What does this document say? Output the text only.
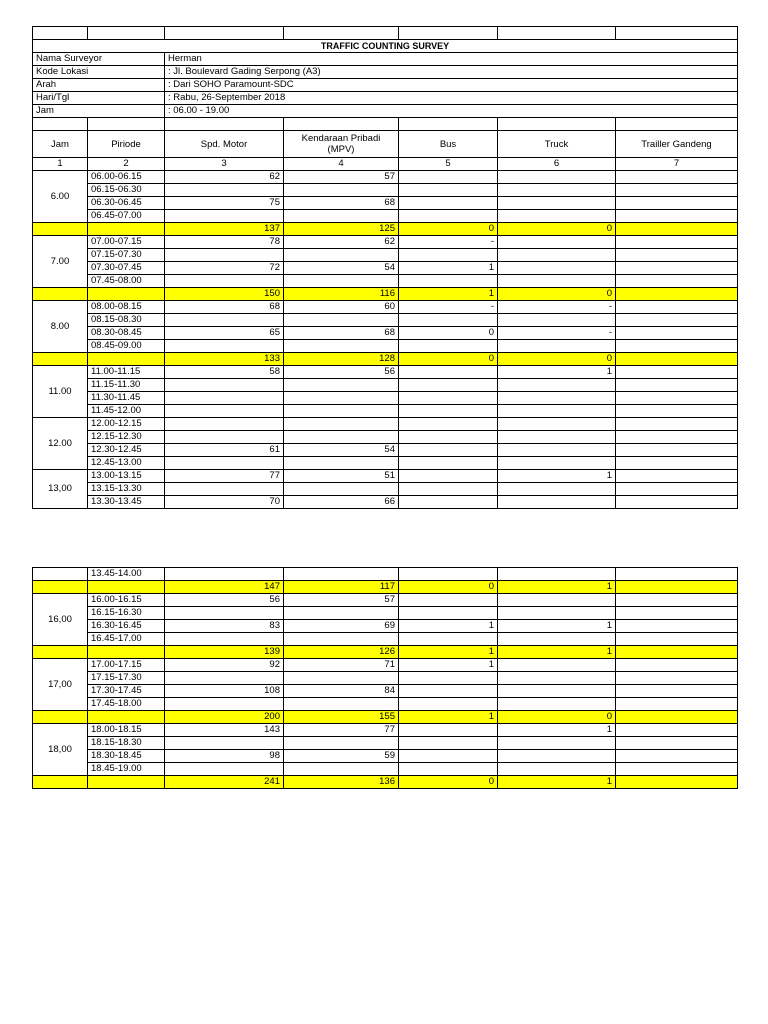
TRAFFIC COUNTING SURVEY						
Nama Surveyor		Herman				
Kode Lokasi		: Jl. Boulevard Gading Serpong (A3)				
Arah		: Dari SOHO Paramount-SDC				
Hari/Tgl		: Rabu, 26-September 2018				
Jam		: 06.00 - 19.00				

Jam	Piriode	Spd. Motor	Kendaraan Pribadi (MPV)	Bus	Truck	Trailler Gandeng
1	2	3	4	5	6	7
6.00	06.00-06.15	62	57			
	06.15-06.30					
	06.30-06.45	75	68			
	06.45-07.00					
		137	125	0	0	
7.00	07.00-07.15	78	62	-		
	07.15-07.30					
	07.30-07.45	72	54	1		
	07.45-08.00					
		150	116	1	0	
8.00	08.00-08.15	68	60	-	-	
	08.15-08.30					
	08.30-08.45	65	68	0	-	
	08.45-09.00					
		133	128	0	0	
11.00	11.00-11.15	58	56		1	
	11.15-11.30					
	11.30-11.45					
	11.45-12.00					
12.00	12.00-12.15					
	12.15-12.30					
	12.30-12.45	61	54			
	12.45-13.00					
13,00	13.00-13.15	77	51		1	
	13.15-13.30					
	13.30-13.45	70	66			
	13.45-14.00					
		147	117	0	1	
16,00	16.00-16.15	56	57			
	16.15-16.30					
	16.30-16.45	83	69	1	1	
	16.45-17.00					
		139	126	1	1	
17,00	17.00-17.15	92	71	1		
	17.15-17.30					
	17.30-17.45	108	84			
	17.45-18.00					
		200	155	1	0	
18,00	18.00-18.15	143	77		1	
	18.15-18.30					
	18.30-18.45	98	59			
	18.45-19.00					
		241	136	0	1	
